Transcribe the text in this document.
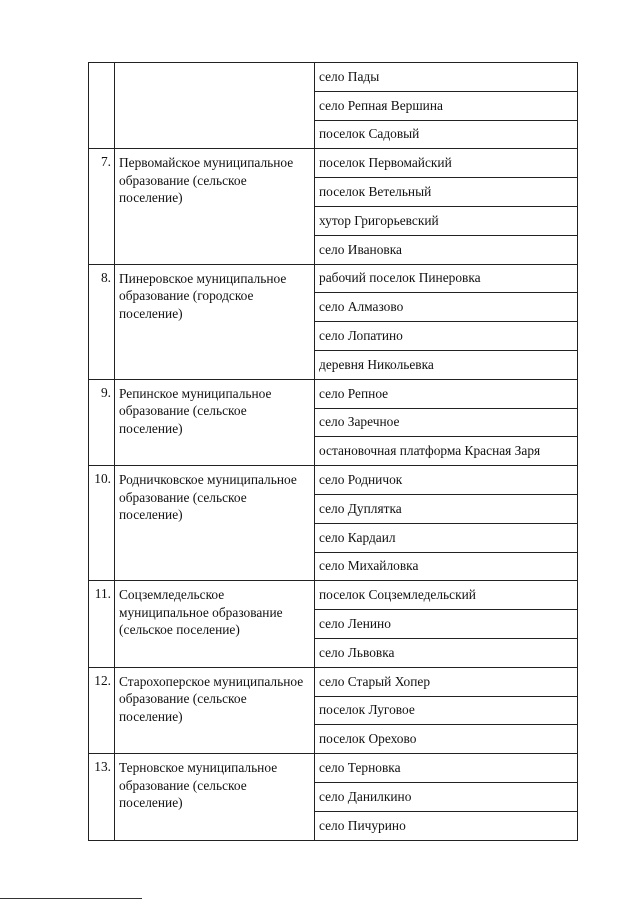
		село Пады
		село Репная Вершина
		поселок Садовый
7.	Первомайское муниципальное образование (сельское поселение)	поселок Первомайский
		поселок Ветельный
		хутор Григорьевский
		село Ивановка
8.	Пинеровское муниципальное образование (городское поселение)	рабочий поселок Пинеровка
		село Алмазово
		село Лопатино
		деревня Никольевка
9.	Репинское муниципальное образование (сельское поселение)	село Репное
		село Заречное
		остановочная платформа Красная Заря
10.	Родничковское муниципальное образование (сельское поселение)	село Родничок
		село Дуплятка
		село Кардаил
		село Михайловка
11.	Соцземледельское муниципальное образование (сельское поселение)	поселок Соцземледельский
		село Ленино
		село Львовка
12.	Старохоперское муниципальное образование (сельское поселение)	село Старый Хопер
		поселок Луговое
		поселок Орехово
13.	Терновское муниципальное образование (сельское поселение)	село Терновка
		село Данилкино
		село Пичурино
